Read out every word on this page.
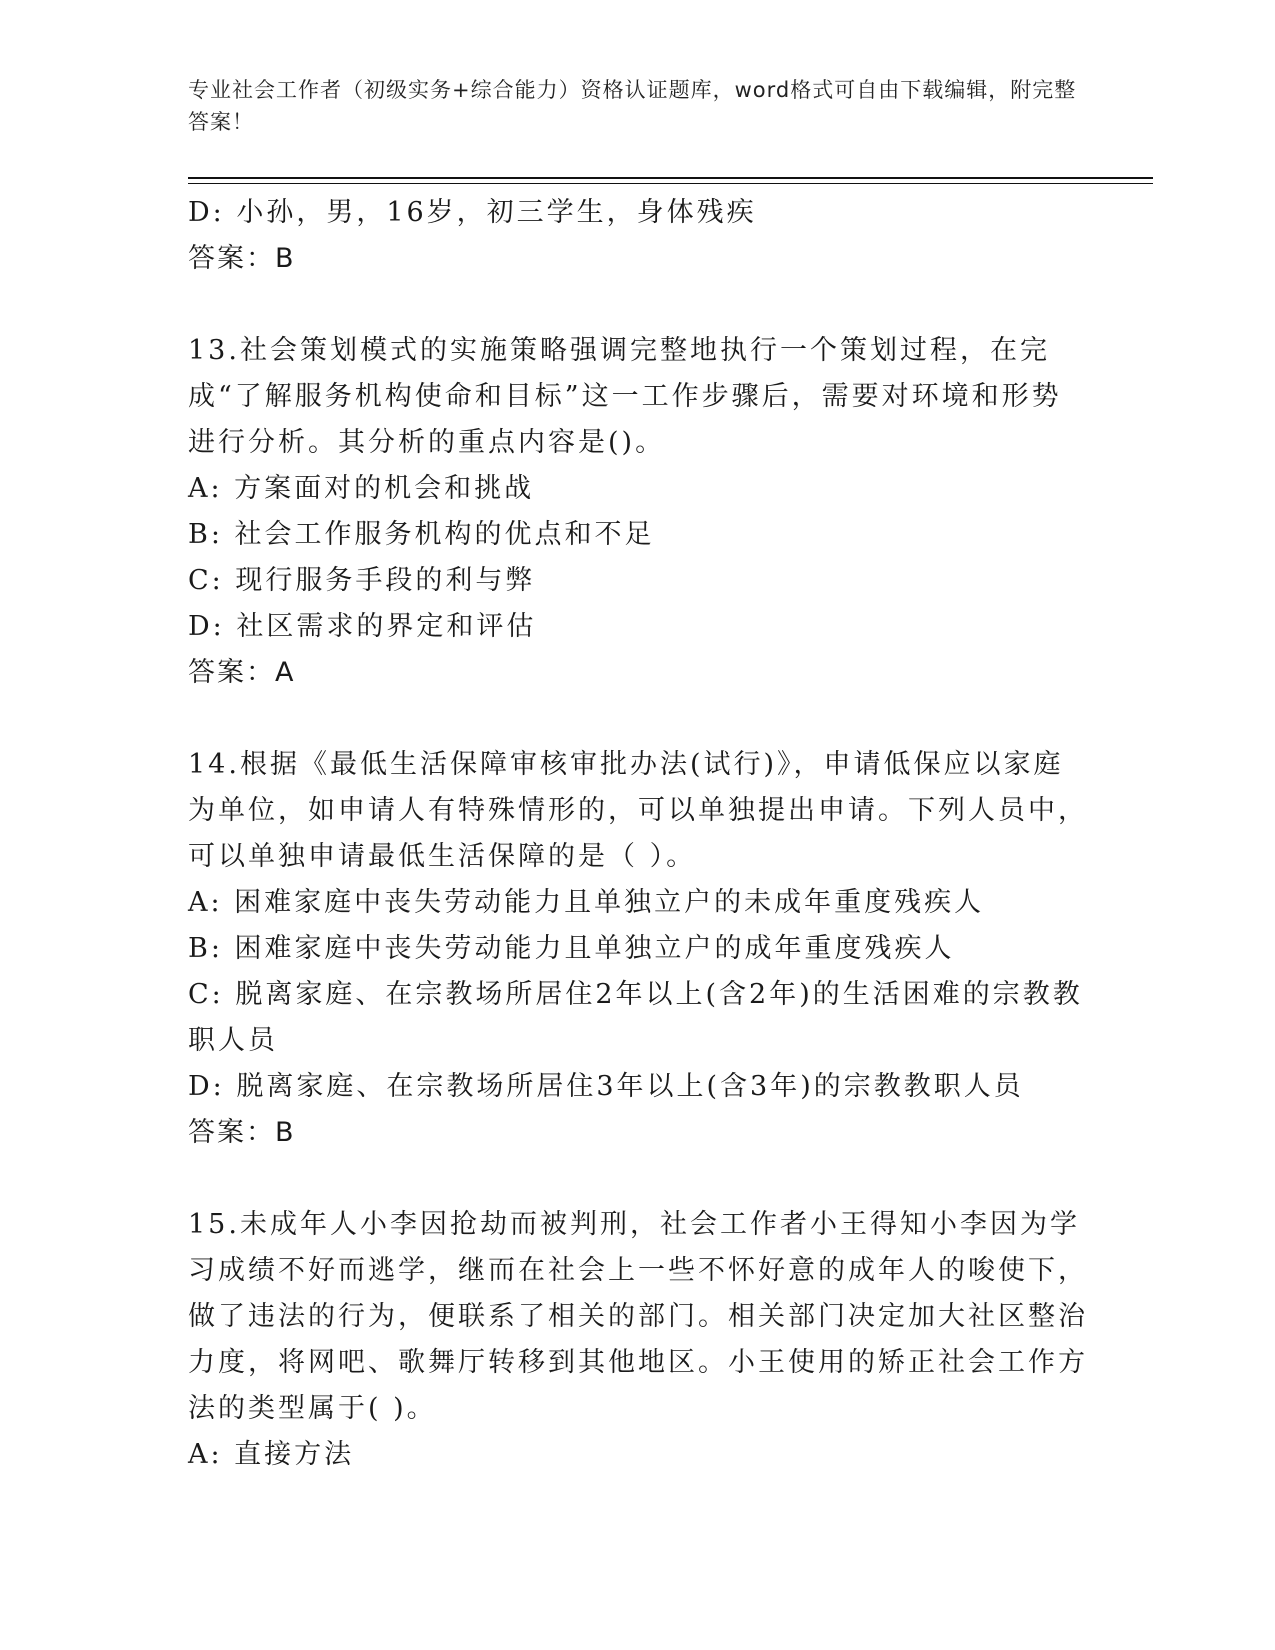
专业社会工作者（初级实务+综合能力）资格认证题库，word格式可自由下载编辑，附完整答案！
D: 小孙，男，16岁，初三学生，身体残疾
答案：B
13.社会策划模式的实施策略强调完整地执行一个策划过程，在完成“了解服务机构使命和目标”这一工作步骤后，需要对环境和形势进行分析。其分析的重点内容是()。
A: 方案面对的机会和挑战
B: 社会工作服务机构的优点和不足
C: 现行服务手段的利与弊
D: 社区需求的界定和评估
答案：A
14.根据《最低生活保障审核审批办法(试行)》，申请低保应以家庭为单位，如申请人有特殊情形的，可以单独提出申请。下列人员中，可以单独申请最低生活保障的是（ ）。
A: 困难家庭中丧失劳动能力且单独立户的未成年重度残疾人
B: 困难家庭中丧失劳动能力且单独立户的成年重度残疾人
C: 脱离家庭、在宗教场所居住2年以上(含2年)的生活困难的宗教教职人员
D: 脱离家庭、在宗教场所居住3年以上(含3年)的宗教教职人员
答案：B
15.未成年人小李因抢劫而被判刑，社会工作者小王得知小李因为学习成绩不好而逃学，继而在社会上一些不怀好意的成年人的唆使下，做了违法的行为，便联系了相关的部门。相关部门决定加大社区整治力度，将网吧、歌舞厅转移到其他地区。小王使用的矫正社会工作方法的类型属于( )。
A: 直接方法
